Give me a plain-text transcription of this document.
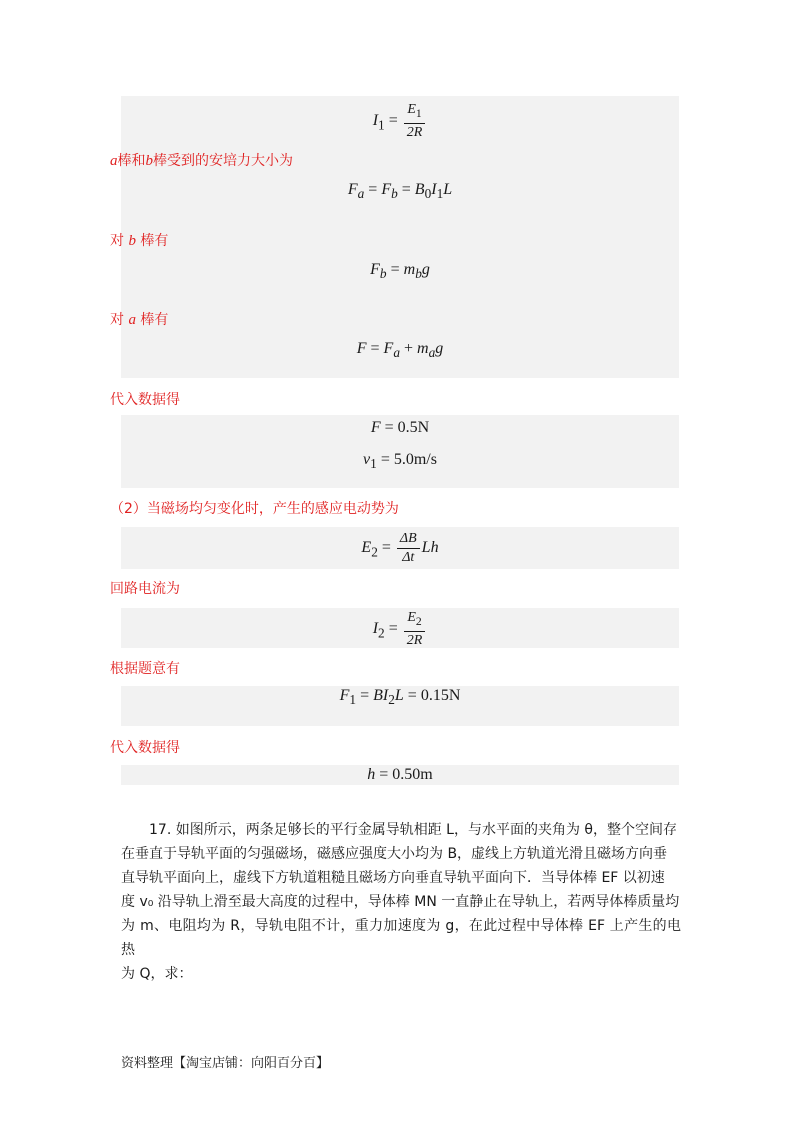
$I_1 = \frac{E_1}{2R}$
a棒和b棒受到的安培力大小为
$F_a = F_b = B_0I_1L$
对 b 棒有
$F_b = m_bg$
对 a 棒有
$F = F_a + m_ag$
代入数据得
F = 0.5N
$v_1 = 5.0m/s$
（2）当磁场均匀变化时，产生的感应电动势为
$E_2 = \frac{\Delta B}{\Delta t}$ Lh
回路电流为
$I_2 = \frac{E_2}{2R}$
根据题意有
$F_1 = BI_2L = 0.15N$
代入数据得
h = 0.50m
17. 如图所示，两条足够长的平行金属导轨相距 L，与水平面的夹角为 θ，整个空间存
在垂直于导轨平面的匀强磁场，磁感应强度大小均为 B，虚线上方轨道光滑且磁场方向垂
直导轨平面向上，虚线下方轨道粗糙且磁场方向垂直导轨平面向下．当导体棒 EF 以初速
度 v₀ 沿导轨上滑至最大高度的过程中，导体棒 MN 一直静止在导轨上，若两导体棒质量均
为 m、电阻均为 R，导轨电阻不计，重力加速度为 g，在此过程中导体棒 EF 上产生的电热
为 Q，求：
资料整理【淘宝店铺：向阳百分百】
